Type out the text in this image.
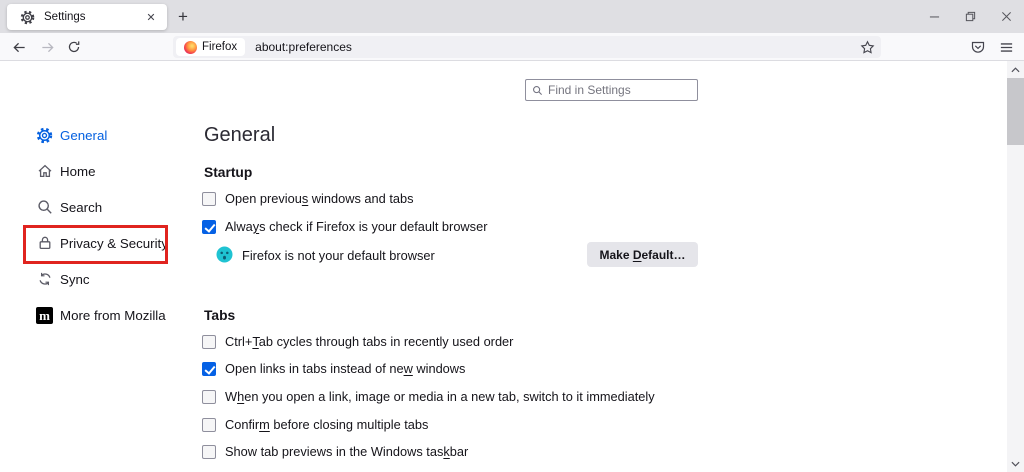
Settings	✕	+
Firefox about:preferences
Find in Settings
General
Home
Search
Privacy & Security
Sync
m More from Mozilla
General
Startup
Open previous windows and tabs
Always check if Firefox is your default browser
Firefox is not your default browser	Make Default…
Tabs
Ctrl+Tab cycles through tabs in recently used order
Open links in tabs instead of new windows
When you open a link, image or media in a new tab, switch to it immediately
Confirm before closing multiple tabs
Show tab previews in the Windows taskbar
